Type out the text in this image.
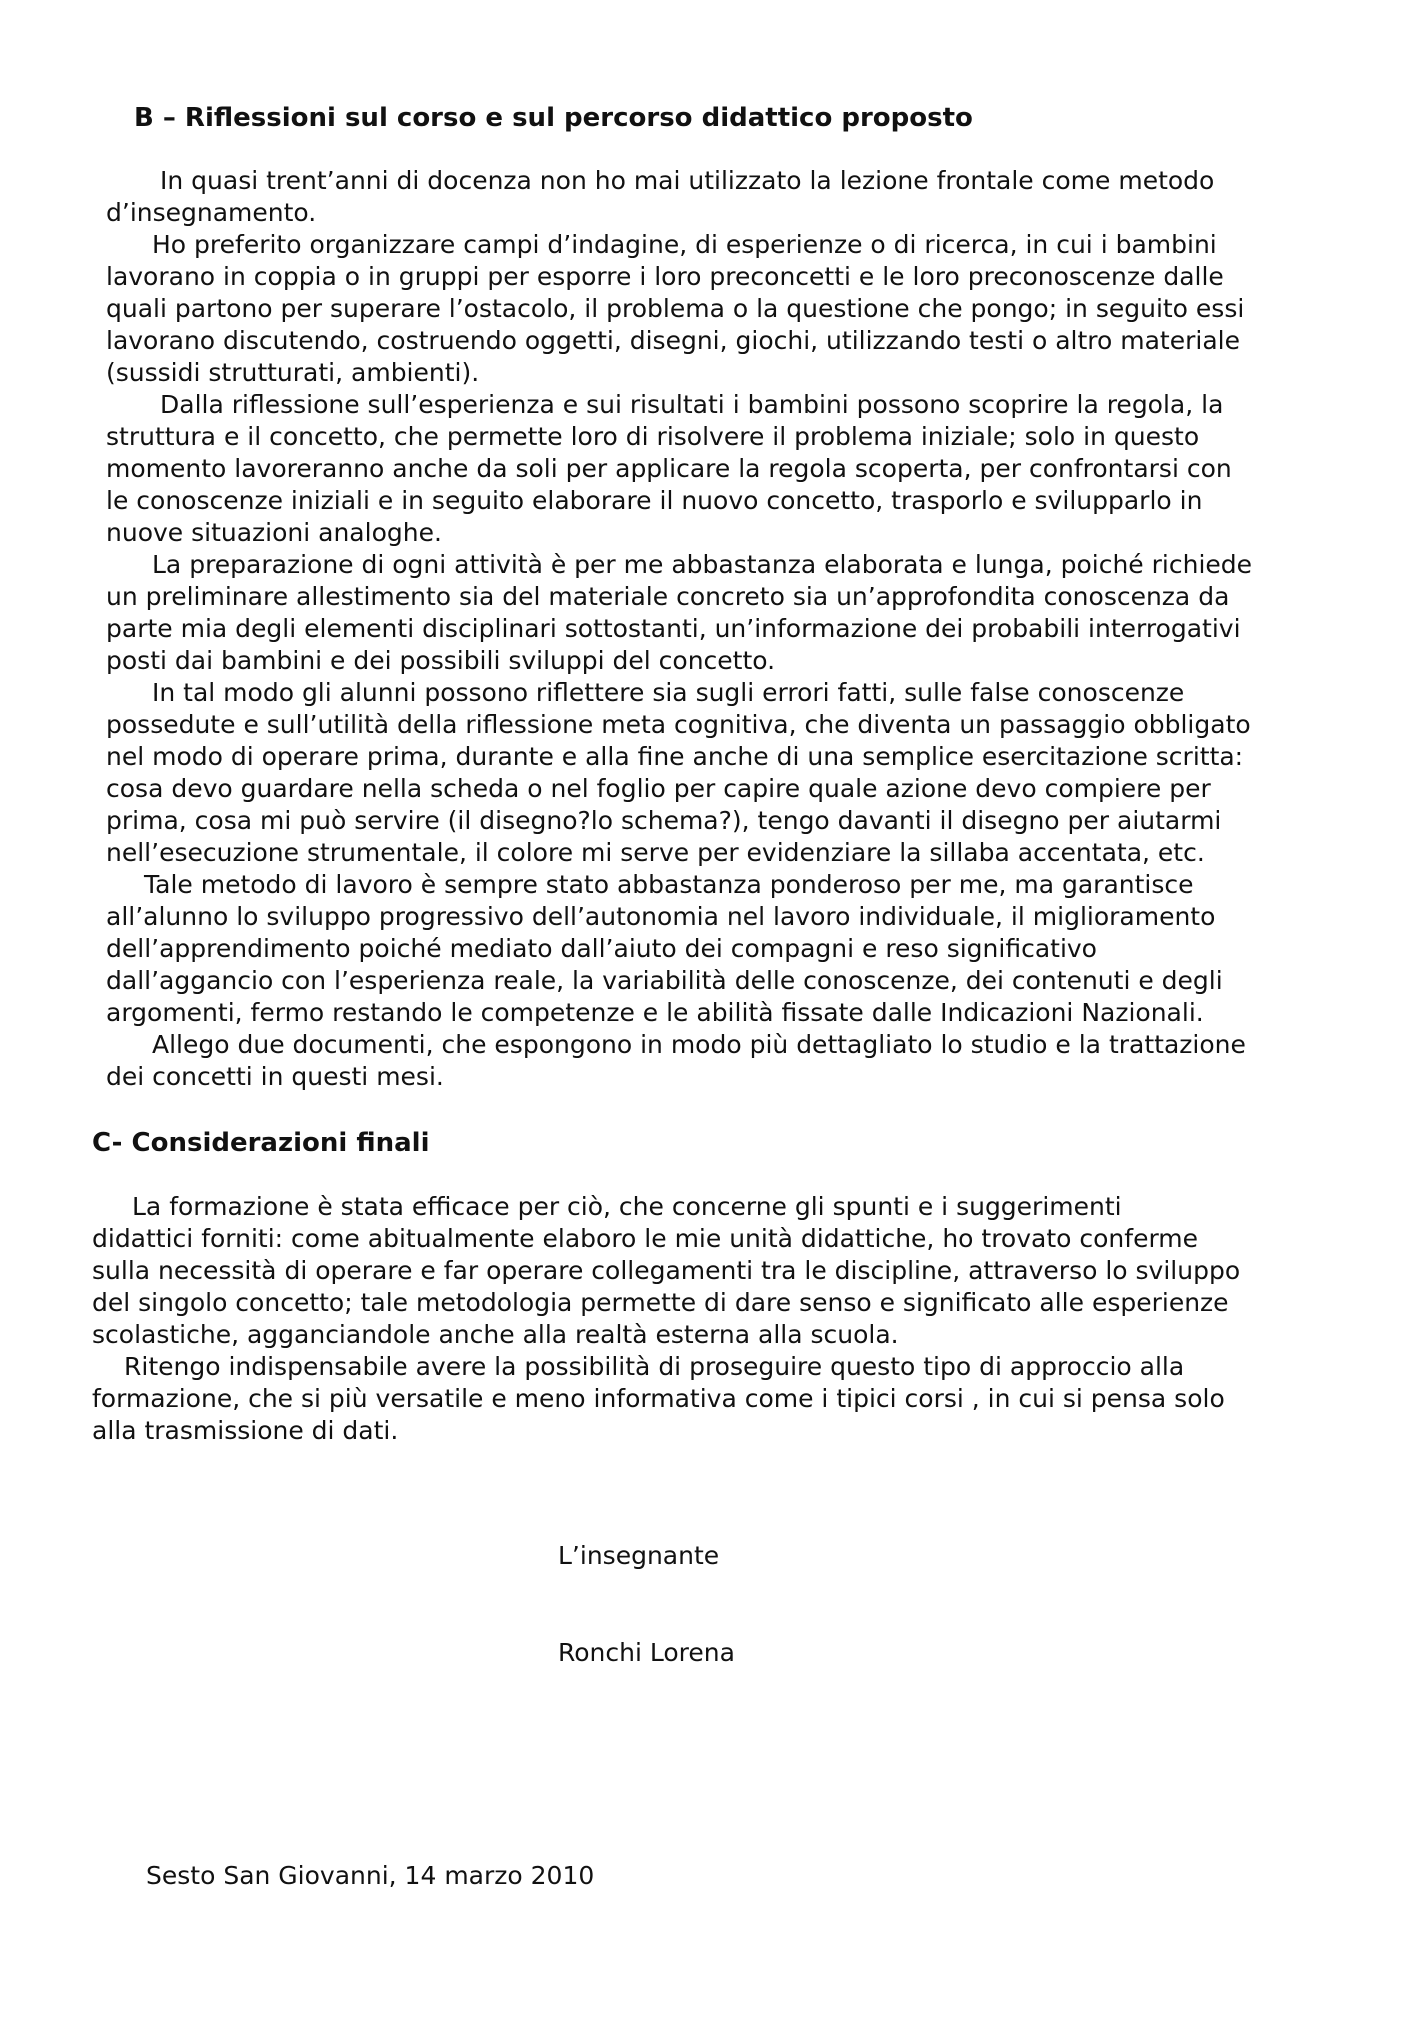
B – Riflessioni sul corso e sul percorso didattico proposto
In quasi trent’anni di docenza non ho mai utilizzato la lezione frontale come metodo
d’insegnamento.
Ho preferito organizzare campi d’indagine, di esperienze o di ricerca, in cui i bambini
lavorano in coppia o in gruppi per esporre i loro preconcetti e le loro preconoscenze dalle
quali partono per superare l’ostacolo, il problema o la questione che pongo; in seguito essi
lavorano discutendo, costruendo oggetti, disegni, giochi, utilizzando testi o altro materiale
(sussidi strutturati, ambienti).
Dalla riflessione sull’esperienza e sui risultati i bambini possono scoprire la regola, la
struttura e il concetto, che permette loro di risolvere il problema iniziale; solo in questo
momento lavoreranno anche da soli per applicare la regola scoperta, per confrontarsi con
le conoscenze iniziali e in seguito elaborare il nuovo concetto, trasporlo e svilupparlo in
nuove situazioni analoghe.
La preparazione di ogni attività è per me abbastanza elaborata e lunga, poiché richiede
un preliminare allestimento sia del materiale concreto sia un’approfondita conoscenza da
parte mia degli elementi disciplinari sottostanti, un’informazione dei probabili interrogativi
posti dai bambini e dei possibili sviluppi del concetto.
In tal modo gli alunni possono riflettere sia sugli errori fatti, sulle false conoscenze
possedute e sull’utilità della riflessione meta cognitiva, che diventa un passaggio obbligato
nel modo di operare prima, durante e alla fine anche di una semplice esercitazione scritta:
cosa devo guardare nella scheda o nel foglio per capire quale azione devo compiere per
prima, cosa mi può servire (il disegno?lo schema?), tengo davanti il disegno per aiutarmi
nell’esecuzione strumentale, il colore mi serve per evidenziare la sillaba accentata, etc.
Tale metodo di lavoro è sempre stato abbastanza ponderoso per me, ma garantisce
all’alunno lo sviluppo progressivo dell’autonomia nel lavoro individuale, il miglioramento
dell’apprendimento poiché mediato dall’aiuto dei compagni e reso significativo
dall’aggancio con l’esperienza reale, la variabilità delle conoscenze, dei contenuti e degli
argomenti, fermo restando le competenze e le abilità fissate dalle Indicazioni Nazionali.
Allego due documenti, che espongono in modo più dettagliato lo studio e la trattazione
dei concetti in questi mesi.
C- Considerazioni finali
La formazione è stata efficace per ciò, che concerne gli spunti e i suggerimenti
didattici forniti: come abitualmente elaboro le mie unità didattiche, ho trovato conferme
sulla necessità di operare e far operare collegamenti tra le discipline, attraverso lo sviluppo
del singolo concetto; tale metodologia permette di dare senso e significato alle esperienze
scolastiche, agganciandole anche alla realtà esterna alla scuola.
Ritengo indispensabile avere la possibilità di proseguire questo tipo di approccio alla
formazione, che si più versatile e meno informativa come i tipici corsi , in cui si pensa solo
alla trasmissione di dati.
L’insegnante
Ronchi Lorena
Sesto San Giovanni, 14 marzo 2010
